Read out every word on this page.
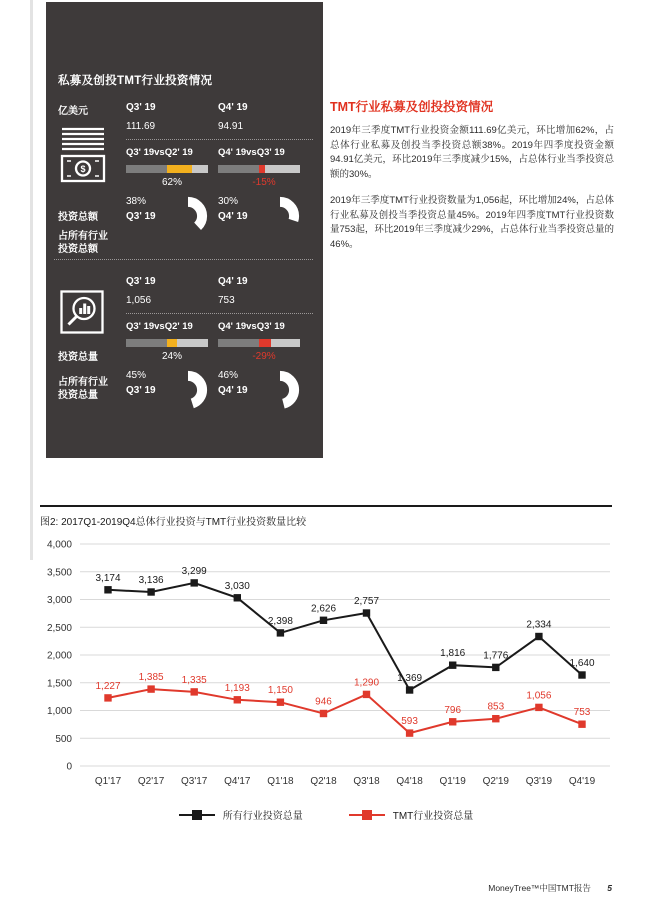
私募及创投TMT行业投资情况
亿美元
$
投资总额
占所有行业
投资总额
Q3' 19	Q4' 19
111.69	94.91
Q3' 19vsQ2' 19	Q4' 19vsQ3' 19
62%	-15%
38%
Q3' 19
30%
Q4' 19
投资总量
占所有行业
投资总量
Q3' 19	Q4' 19
1,056	753
Q3' 19vsQ2' 19	Q4' 19vsQ3' 19
24%	-29%
45%
Q3' 19
46%
Q4' 19
TMT行业私募及创投投资情况

2019年三季度TMT行业投资金额111.69亿美元，环比增加62%，占总体行业私募及创投当季投资总额38%。2019年四季度投资金额94.91亿美元，环比2019年三季度减少15%，占总体行业当季投资总额的30%。

2019年三季度TMT行业投资数量为1,056起，环比增加24%，占总体行业私募及创投当季投资总量45%。2019年四季度TMT行业投资数量753起，环比2019年三季度减少29%，占总体行业当季投资总量的46%。

图2: 2017Q1-2019Q4总体行业投资与TMT行业投资数量比较
0
500
1,000
1,500
2,000
2,500
3,000
3,500
4,000
Q1'17 Q2'17 Q3'17 Q4'17 Q1'18 Q2'18 Q3'18 Q4'18 Q1'19 Q2'19 Q3'19 Q4'19
3,174 3,136
3,299
3,030
2,398
2,626
2,757
1,369
1,816 1,776
2,334
1,640
1,227
1,385 1,335
1,193 1,150
946
1,290
593
796	853
1,056
753
所有行业投资总量	TMT行业投资总量
MoneyTree™中国TMT报告 5
